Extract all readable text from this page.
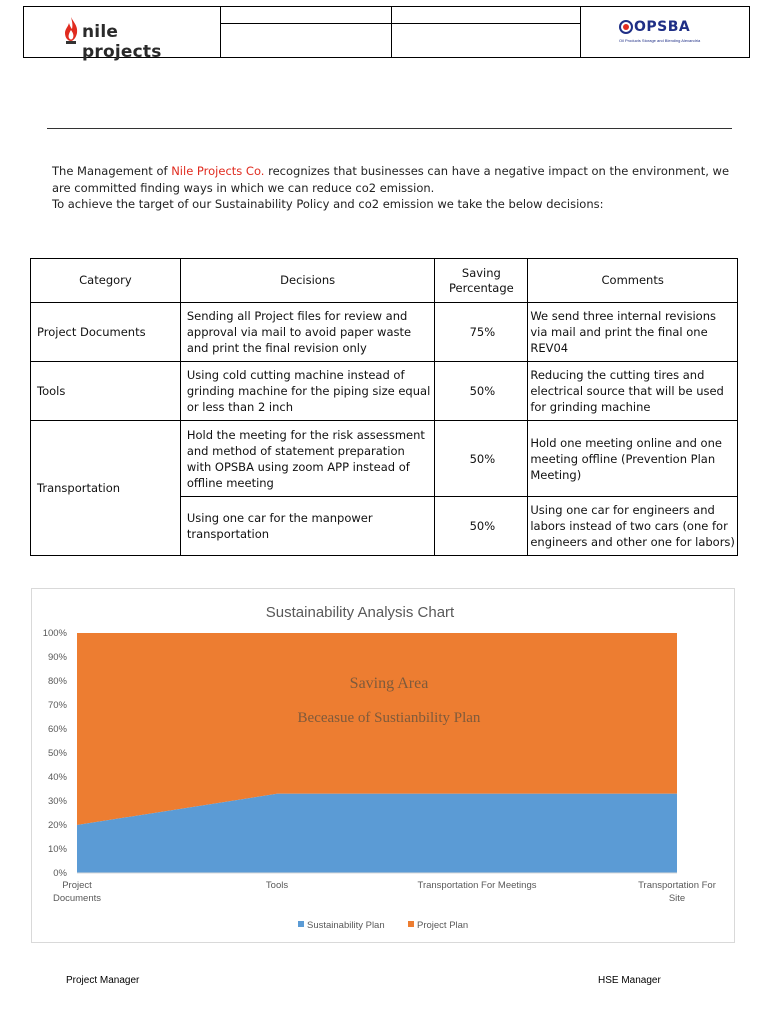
nile projects
OPSBA
Oil Products Storage and Blending Alexandria
The Management of Nile Projects Co. recognizes that businesses can have a negative impact on the environment, we are committed finding ways in which we can reduce co2 emission.
To achieve the target of our Sustainability Policy and co2 emission we take the below decisions:
Category	Decisions	Saving Percentage	Comments
Project Documents	Sending all Project files for review and approval via mail to avoid paper waste and print the final revision only	75%	We send three internal revisions via mail and print the final one REV04
Tools	Using cold cutting machine instead of grinding machine for the piping size equal or less than 2 inch	50%	Reducing the cutting tires and electrical source that will be used for grinding machine
Transportation	Hold the meeting for the risk assessment and method of statement preparation with OPSBA using zoom APP instead of offline meeting	50%	Hold one meeting online and one meeting offline (Prevention Plan Meeting)
	Using one car for the manpower transportation	50%	Using one car for engineers and labors instead of two cars (one for engineers and other one for labors)
Sustainability Analysis Chart
0%
10%
20%
30%
40%
50%
60%
70%
80%
90%
100%
Project Documents
Tools	Transportation For Meetings	Transportation For Site
Saving Area
Beceasue of Sustianbility Plan
Sustainability Plan	Project Plan
Project Manager	HSE Manager
